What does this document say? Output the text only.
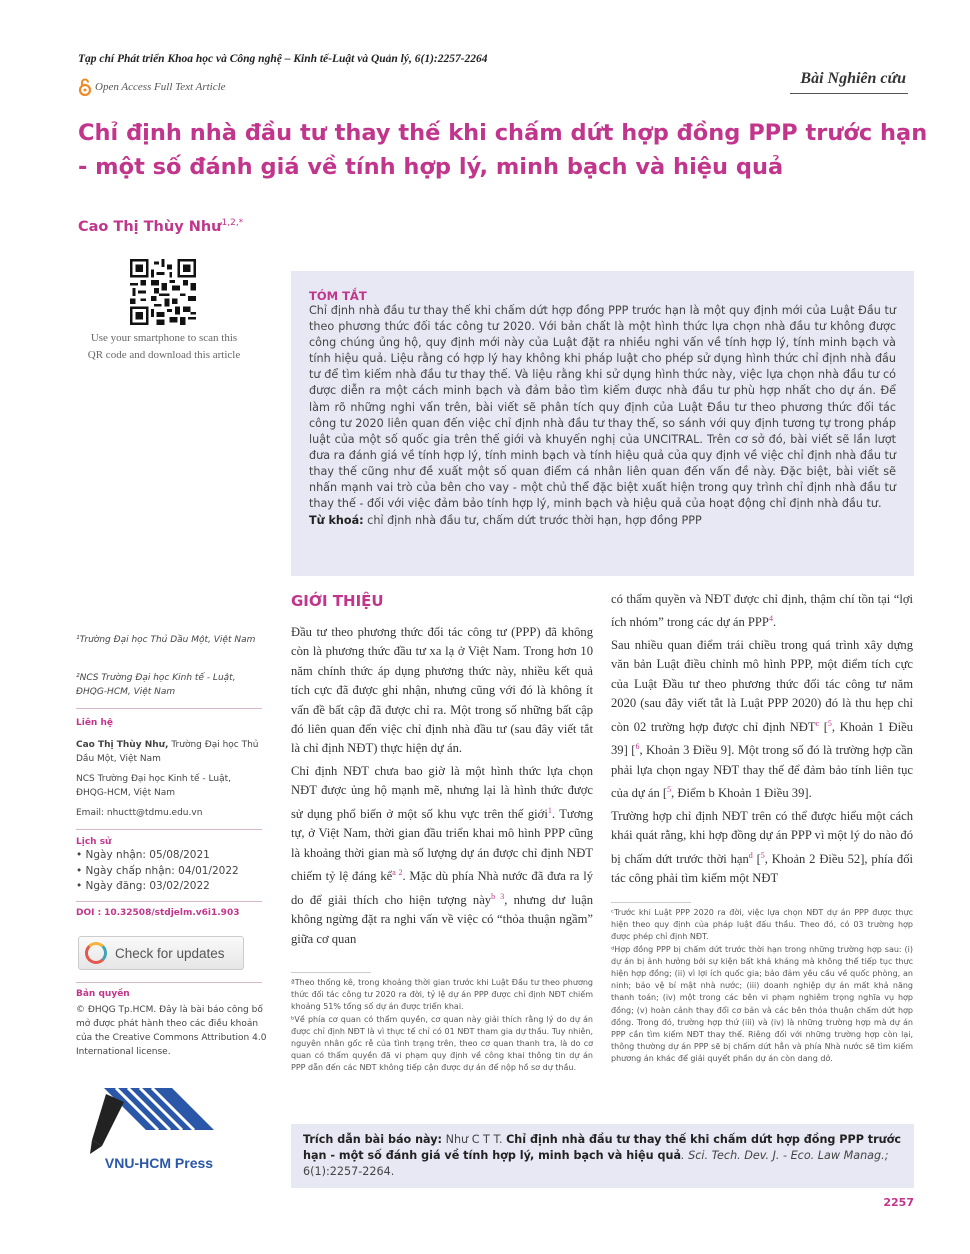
Tạp chí Phát triển Khoa học và Công nghệ – Kinh tế-Luật và Quản lý, 6(1):2257-2264
Open Access Full Text Article	Bài Nghiên cứu
Chỉ định nhà đầu tư thay thế khi chấm dứt hợp đồng PPP trước hạn - một số đánh giá về tính hợp lý, minh bạch và hiệu quả
Cao Thị Thùy Như$^{1,2,*}$
Use your smartphone to scan this
QR code and download this article
TÓM TẮT
Chỉ định nhà đầu tư thay thế khi chấm dứt hợp đồng PPP trước hạn là một quy định mới của Luật Đầu tư theo phương thức đối tác công tư 2020. Với bản chất là một hình thức lựa chọn nhà đầu tư không được công chúng ủng hộ, quy định mới này của Luật đặt ra nhiều nghi vấn về tính hợp lý, tính minh bạch và tính hiệu quả. Liệu rằng có hợp lý hay không khi pháp luật cho phép sử dụng hình thức chỉ định nhà đầu tư để tìm kiếm nhà đầu tư thay thế. Và liệu rằng khi sử dụng hình thức này, việc lựa chọn nhà đầu tư có được diễn ra một cách minh bạch và đảm bảo tìm kiếm được nhà đầu tư phù hợp nhất cho dự án. Để làm rõ những nghi vấn trên, bài viết sẽ phân tích quy định của Luật Đầu tư theo phương thức đối tác công tư 2020 liên quan đến việc chỉ định nhà đầu tư thay thế, so sánh với quy định tương tự trong pháp luật của một số quốc gia trên thế giới và khuyến nghị của UNCITRAL. Trên cơ sở đó, bài viết sẽ lần lượt đưa ra đánh giá về tính hợp lý, tính minh bạch và tính hiệu quả của quy định về việc chỉ định nhà đầu tư thay thế cũng như đề xuất một số quan điểm cá nhân liên quan đến vấn đề này. Đặc biệt, bài viết sẽ nhấn mạnh vai trò của bên cho vay - một chủ thể đặc biệt xuất hiện trong quy trình chỉ định nhà đầu tư thay thế - đối với việc đảm bảo tính hợp lý, minh bạch và hiệu quả của hoạt động chỉ định nhà đầu tư.
Từ khoá: chỉ định nhà đầu tư, chấm dứt trước thời hạn, hợp đồng PPP
¹Trường Đại học Thủ Dầu Một, Việt Nam
²NCS Trường Đại học Kinh tế - Luật, ĐHQG-HCM, Việt Nam
Liên hệ
Cao Thị Thùy Như, Trường Đại học Thủ Dầu Một, Việt Nam
NCS Trường Đại học Kinh tế - Luật, ĐHQG-HCM, Việt Nam
Email: nhuctt@tdmu.edu.vn
Lịch sử
• Ngày nhận: 05/08/2021
• Ngày chấp nhận: 04/01/2022
• Ngày đăng: 03/02/2022
DOI : 10.32508/stdjelm.v6i1.903
Check for updates
Bản quyền
© ĐHQG Tp.HCM. Đây là bài báo công bố mở được phát hành theo các điều khoản của the Creative Commons Attribution 4.0 International license.
VNU-HCM Press
GIỚI THIỆU

Đầu tư theo phương thức đối tác công tư (PPP) đã không còn là phương thức đầu tư xa lạ ở Việt Nam. Trong hơn 10 năm chính thức áp dụng phương thức này, nhiều kết quả tích cực đã được ghi nhận, nhưng cũng với đó là không ít vấn đề bất cập đã được chỉ ra. Một trong số những bất cập đó liên quan đến việc chỉ định nhà đầu tư (sau đây viết tắt là chỉ định NĐT) thực hiện dự án.

Chỉ định NĐT chưa bao giờ là một hình thức lựa chọn NĐT được ủng hộ mạnh mẽ, nhưng lại là hình thức được sử dụng phổ biến ở một số khu vực trên thế giới$^1$. Tương tự, ở Việt Nam, thời gian đầu triển khai mô hình PPP cũng là khoảng thời gian mà số lượng dự án được chỉ định NĐT chiếm tỷ lệ đáng kể$^{a 2}$. Mặc dù phía Nhà nước đã đưa ra lý do để giải thích cho hiện tượng này$^{b 3}$, nhưng dư luận không ngừng đặt ra nghi vấn về việc có “thỏa thuận ngầm” giữa cơ quan

có thẩm quyền và NĐT được chỉ định, thậm chí tồn tại “lợi ích nhóm” trong các dự án PPP$^4$.

Sau nhiều quan điểm trái chiều trong quá trình xây dựng văn bản Luật điều chỉnh mô hình PPP, một điểm tích cực của Luật Đầu tư theo phương thức đối tác công tư năm 2020 (sau đây viết tắt là Luật PPP 2020) đó là thu hẹp chỉ còn 02 trường hợp được chỉ định NĐT$^c$ [$^5$, Khoản 1 Điều 39] [$^6$, Khoản 3 Điều 9]. Một trong số đó là trường hợp cần phải lựa chọn ngay NĐT thay thế để đảm bảo tính liên tục của dự án [$^5$, Điểm b Khoản 1 Điều 39].

Trường hợp chỉ định NĐT trên có thể được hiểu một cách khái quát rằng, khi hợp đồng dự án PPP vì một lý do nào đó bị chấm dứt trước thời hạn$^d$ [$^5$, Khoản 2 Điều 52], phía đối tác công phải tìm kiếm một NĐT

ªTheo thống kê, trong khoảng thời gian trước khi Luật Đầu tư theo phương thức đối tác công tư 2020 ra đời, tỷ lệ dự án PPP được chỉ định NĐT chiếm khoảng 51% tổng số dự án được triển khai.

ᵇVề phía cơ quan có thẩm quyền, cơ quan này giải thích rằng lý do dự án được chỉ định NĐT là vì thực tế chỉ có 01 NĐT tham gia dự thầu. Tuy nhiên, nguyên nhân gốc rễ của tình trạng trên, theo cơ quan thanh tra, là do cơ quan có thẩm quyền đã vi phạm quy định về công khai thông tin dự án PPP dẫn đến các NĐT không tiếp cận được dự án để nộp hồ sơ dự thầu.

ᶜTrước khi Luật PPP 2020 ra đời, việc lựa chọn NĐT dự án PPP được thực hiện theo quy định của pháp luật đấu thầu. Theo đó, có 03 trường hợp được phép chỉ định NĐT.

ᵈHợp đồng PPP bị chấm dứt trước thời hạn trong những trường hợp sau: (i) dự án bị ảnh hưởng bởi sự kiện bất khả kháng mà không thể tiếp tục thực hiện hợp đồng; (ii) vì lợi ích quốc gia; bảo đảm yêu cầu về quốc phòng, an ninh; bảo vệ bí mật nhà nước; (iii) doanh nghiệp dự án mất khả năng thanh toán; (iv) một trong các bên vi phạm nghiêm trọng nghĩa vụ hợp đồng; (v) hoàn cảnh thay đổi cơ bản và các bên thỏa thuận chấm dứt hợp đồng. Trong đó, trường hợp thứ (iii) và (iv) là những trường hợp mà dự án PPP cần tìm kiếm NĐT thay thế. Riêng đối với những trường hợp còn lại, thông thường dự án PPP sẽ bị chấm dứt hẳn và phía Nhà nước sẽ tìm kiếm phương án khác để giải quyết phần dự án còn dang dở.

Trích dẫn bài báo này: Như C T T. Chỉ định nhà đầu tư thay thế khi chấm dứt hợp đồng PPP trước hạn - một số đánh giá về tính hợp lý, minh bạch và hiệu quả. Sci. Tech. Dev. J. - Eco. Law Manag.; 6(1):2257-2264.
2257
